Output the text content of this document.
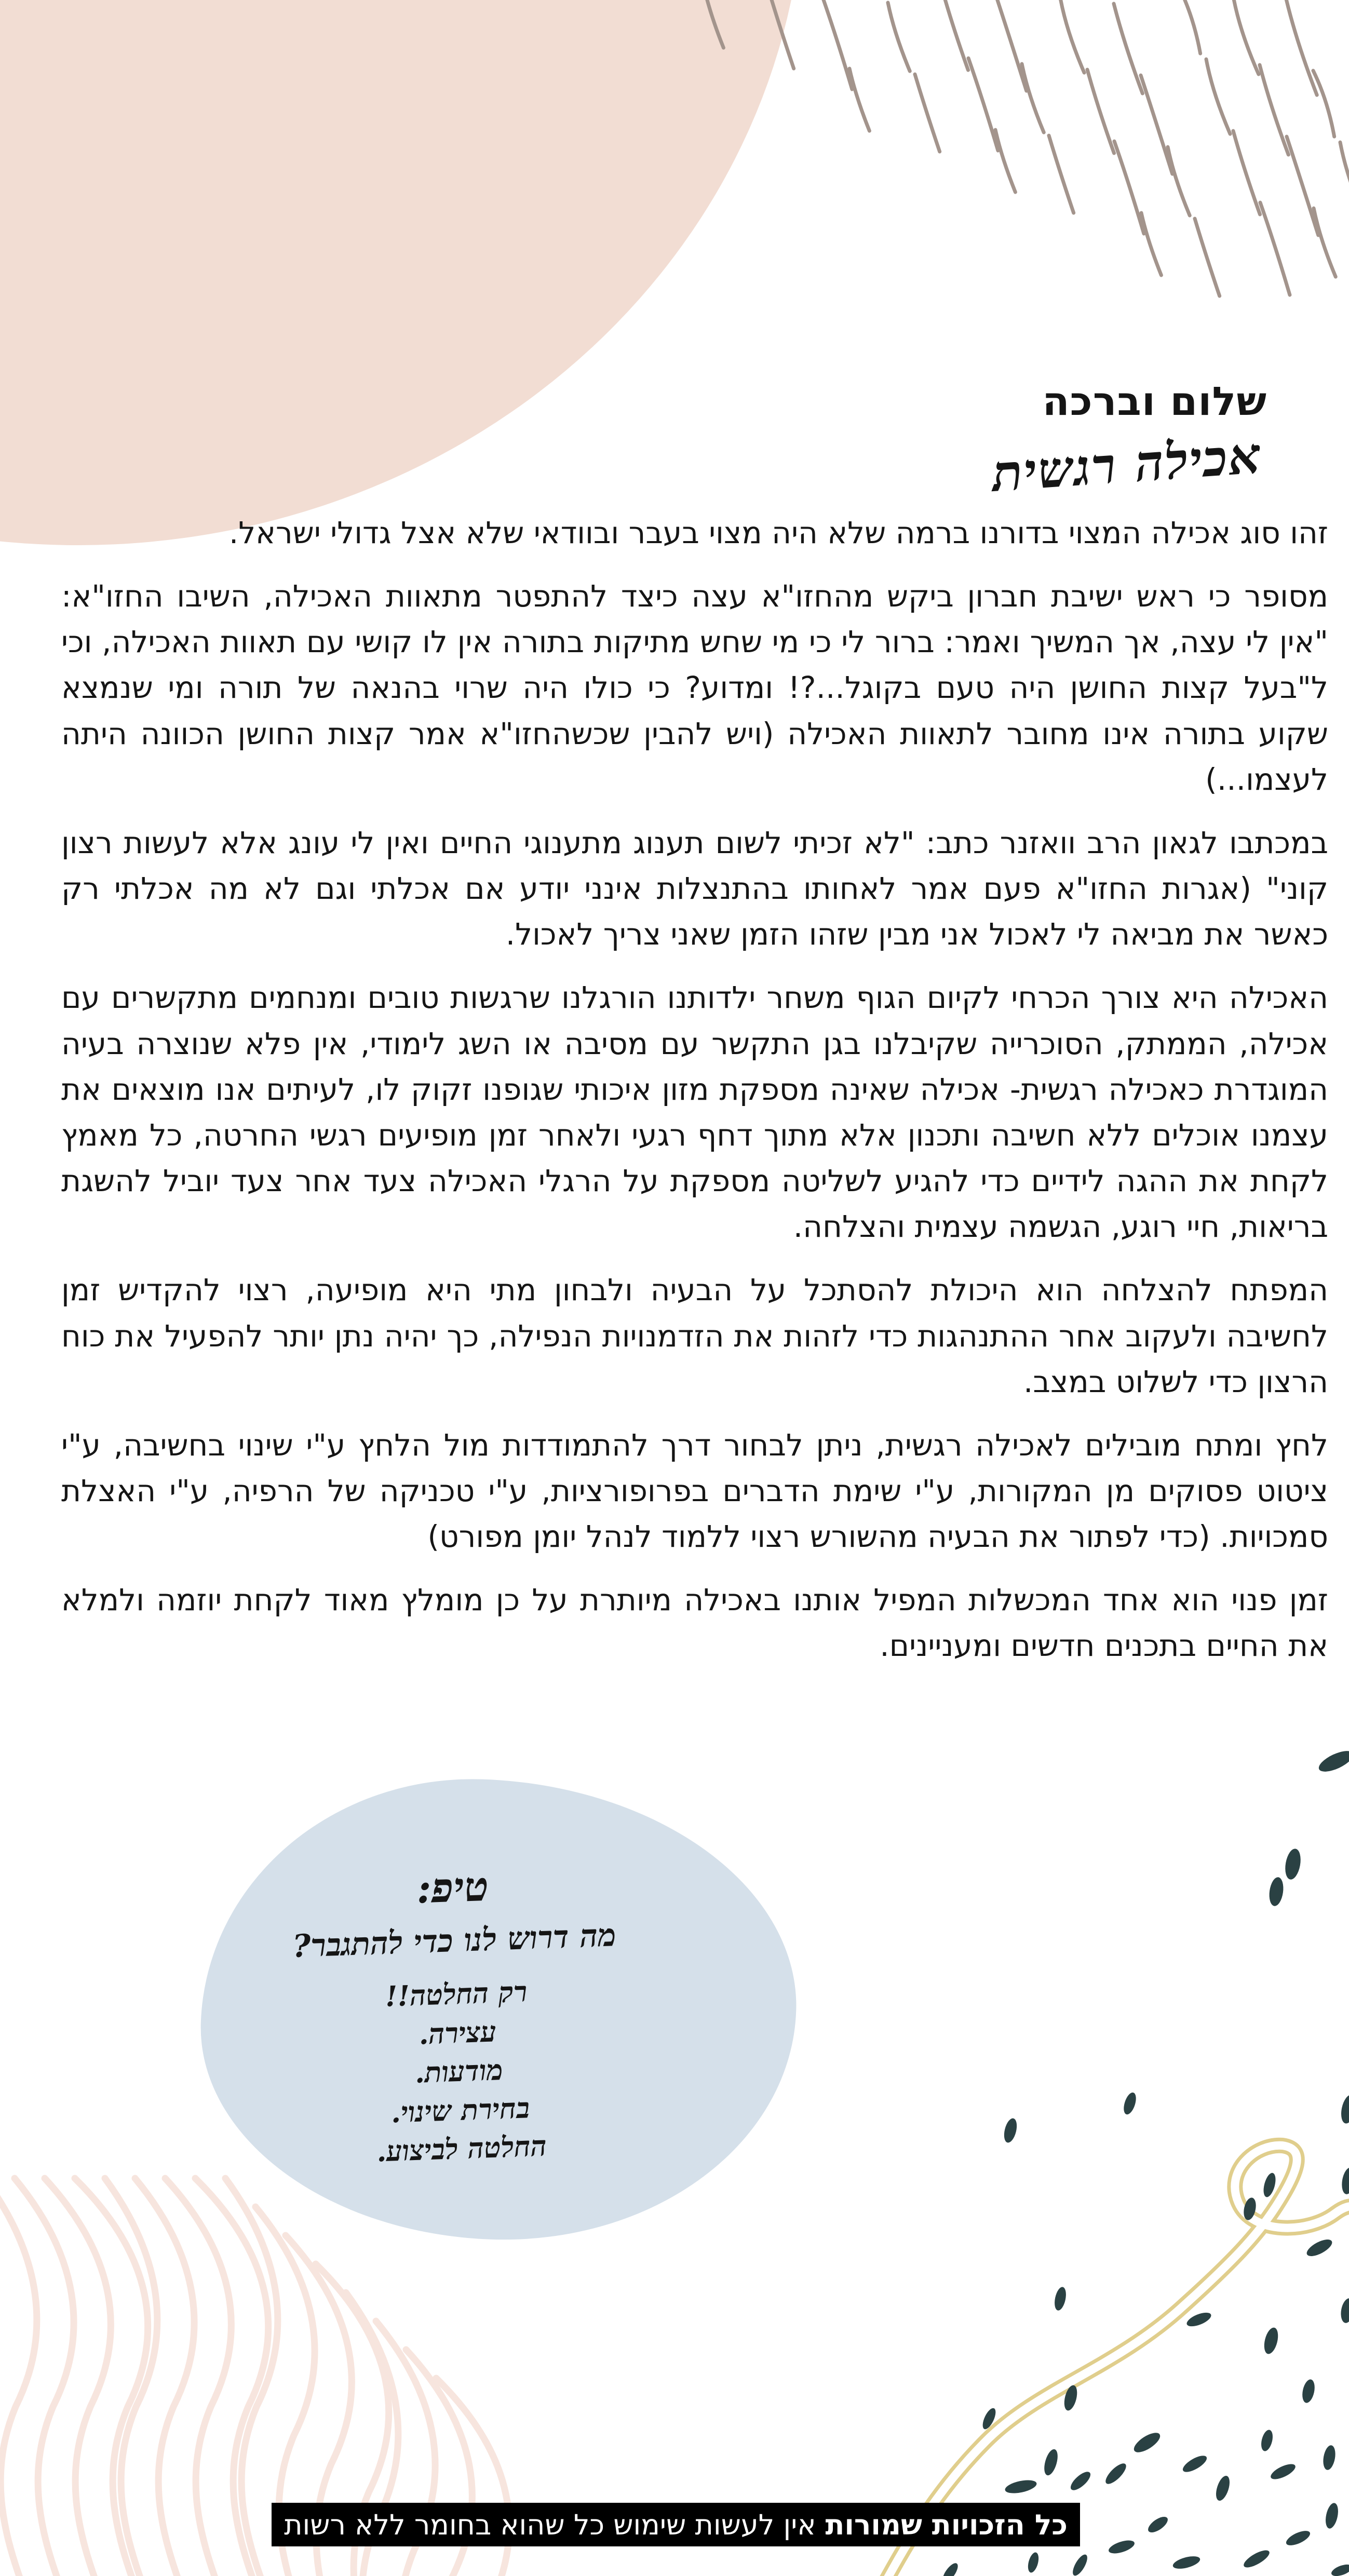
שלום וברכה
אכילה רגשית

זהו סוג אכילה המצוי בדורנו ברמה שלא היה מצוי בעבר ובוודאי שלא אצל גדולי ישראל.

מסופר כי ראש ישיבת חברון ביקש מהחזו"א עצה כיצד להתפטר מתאוות האכילה, השיבו החזו"א: "אין לי עצה, אך המשיך ואמר: ברור לי כי מי שחש מתיקות בתורה אין לו קושי עם תאוות האכילה, וכי ל"בעל קצות החושן היה טעם בקוגל...?! ומדוע? כי כולו היה שרוי בהנאה של תורה ומי שנמצא שקוע בתורה אינו מחובר לתאוות האכילה (ויש להבין שכשהחזו"א אמר קצות החושן הכוונה היתה לעצמו...)

במכתבו לגאון הרב וואזנר כתב: "לא זכיתי לשום תענוג מתענוגי החיים ואין לי עונג אלא לעשות רצון קוני" (אגרות החזו"א פעם אמר לאחותו בהתנצלות אינני יודע אם אכלתי וגם לא מה אכלתי רק כאשר את מביאה לי לאכול אני מבין שזהו הזמן שאני צריך לאכול.

האכילה היא צורך הכרחי לקיום הגוף משחר ילדותנו הורגלנו שרגשות טובים ומנחמים מתקשרים עם אכילה, הממתק, הסוכרייה שקיבלנו בגן התקשר עם מסיבה או השג לימודי, אין פלא שנוצרה בעיה המוגדרת כאכילה רגשית- אכילה שאינה מספקת מזון איכותי שגופנו זקוק לו, לעיתים אנו מוצאים את עצמנו אוכלים ללא חשיבה ותכנון אלא מתוך דחף רגעי ולאחר זמן מופיעים רגשי החרטה, כל מאמץ לקחת את ההגה לידיים כדי להגיע לשליטה מספקת על הרגלי האכילה צעד אחר צעד יוביל להשגת בריאות, חיי רוגע, הגשמה עצמית והצלחה.

המפתח להצלחה הוא היכולת להסתכל על הבעיה ולבחון מתי היא מופיעה, רצוי להקדיש זמן לחשיבה ולעקוב אחר ההתנהגות כדי לזהות את הזדמנויות הנפילה, כך יהיה נתן יותר להפעיל את כוח הרצון כדי לשלוט במצב.

לחץ ומתח מובילים לאכילה רגשית, ניתן לבחור דרך להתמודדות מול הלחץ ע"י שינוי בחשיבה, ע"י ציטוט פסוקים מן המקורות, ע"י שימת הדברים בפרופורציות, ע"י טכניקה של הרפיה, ע"י האצלת סמכויות. (כדי לפתור את הבעיה מהשורש רצוי ללמוד לנהל יומן מפורט)

זמן פנוי הוא אחד המכשלות המפיל אותנו באכילה מיותרת על כן מומלץ מאוד לקחת יוזמה ולמלא את החיים בתכנים חדשים ומעניינים.

טיפ:
מה דרוש לנו כדי להתגבר?
רק החלטה!!
עצירה.
מודעות.
בחירת שינוי.
החלטה לביצוע.
כל הזכויות שמורות
אין לעשות שימוש כל שהוא בחומר ללא רשות
